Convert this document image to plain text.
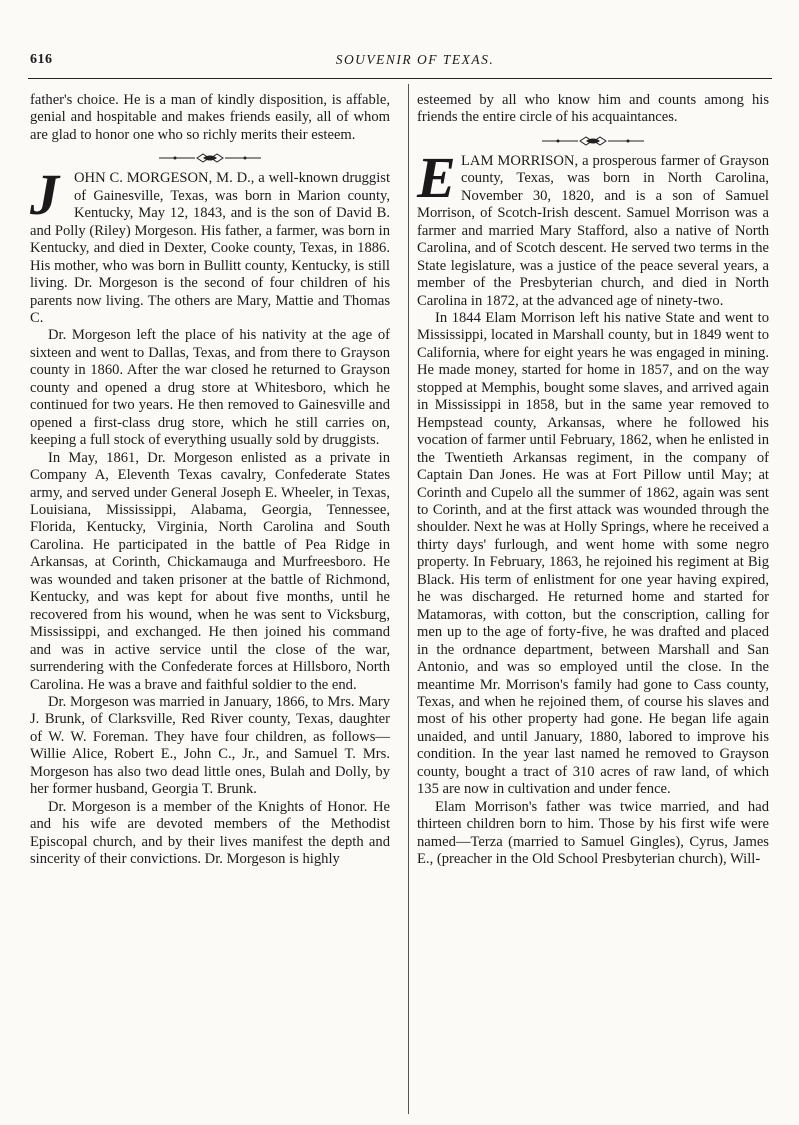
616	SOUVENIR OF TEXAS.

father's choice. He is a man of kindly disposition, is affable, genial and hospitable and makes friends easily, all of whom are glad to honor one who so richly merits their esteem.

J OHN C. MORGESON, M. D., a well-known druggist of Gainesville, Texas, was born in Marion county, Kentucky, May 12, 1843, and is the son of David B. and Polly (Riley) Morgeson. His father, a farmer, was born in Kentucky, and died in Dexter, Cooke county, Texas, in 1886. His mother, who was born in Bullitt county, Kentucky, is still living. Dr. Morgeson is the second of four children of his parents now living. The others are Mary, Mattie and Thomas C.

Dr. Morgeson left the place of his nativity at the age of sixteen and went to Dallas, Texas, and from there to Grayson county in 1860. After the war closed he returned to Grayson county and opened a drug store at Whitesboro, which he continued for two years. He then removed to Gainesville and opened a first-class drug store, which he still carries on, keeping a full stock of everything usually sold by druggists.

In May, 1861, Dr. Morgeson enlisted as a private in Company A, Eleventh Texas cavalry, Confederate States army, and served under General Joseph E. Wheeler, in Texas, Louisiana, Mississippi, Alabama, Georgia, Tennessee, Florida, Kentucky, Virginia, North Carolina and South Carolina. He participated in the battle of Pea Ridge in Arkansas, at Corinth, Chickamauga and Murfreesboro. He was wounded and taken prisoner at the battle of Richmond, Kentucky, and was kept for about five months, until he recovered from his wound, when he was sent to Vicksburg, Mississippi, and exchanged. He then joined his command and was in active service until the close of the war, surrendering with the Confederate forces at Hillsboro, North Carolina. He was a brave and faithful soldier to the end.

Dr. Morgeson was married in January, 1866, to Mrs. Mary J. Brunk, of Clarksville, Red River county, Texas, daughter of W. W. Foreman. They have four children, as follows—Willie Alice, Robert E., John C., Jr., and Samuel T. Mrs. Morgeson has also two dead little ones, Bulah and Dolly, by her former husband, Georgia T. Brunk.

Dr. Morgeson is a member of the Knights of Honor. He and his wife are devoted members of the Methodist Episcopal church, and by their lives manifest the depth and sincerity of their convictions. Dr. Morgeson is highly

esteemed by all who know him and counts among his friends the entire circle of his acquaintances.

E LAM MORRISON, a prosperous farmer of Grayson county, Texas, was born in North Carolina, November 30, 1820, and is a son of Samuel Morrison, of Scotch-Irish descent. Samuel Morrison was a farmer and married Mary Stafford, also a native of North Carolina, and of Scotch descent. He served two terms in the State legislature, was a justice of the peace several years, a member of the Presbyterian church, and died in North Carolina in 1872, at the advanced age of ninety-two.

In 1844 Elam Morrison left his native State and went to Mississippi, located in Marshall county, but in 1849 went to California, where for eight years he was engaged in mining. He made money, started for home in 1857, and on the way stopped at Memphis, bought some slaves, and arrived again in Mississippi in 1858, but in the same year removed to Hempstead county, Arkansas, where he followed his vocation of farmer until February, 1862, when he enlisted in the Twentieth Arkansas regiment, in the company of Captain Dan Jones. He was at Fort Pillow until May; at Corinth and Cupelo all the summer of 1862, again was sent to Corinth, and at the first attack was wounded through the shoulder. Next he was at Holly Springs, where he received a thirty days' furlough, and went home with some negro property. In February, 1863, he rejoined his regiment at Big Black. His term of enlistment for one year having expired, he was discharged. He returned home and started for Matamoras, with cotton, but the conscription, calling for men up to the age of forty-five, he was drafted and placed in the ordnance department, between Marshall and San Antonio, and was so employed until the close. In the meantime Mr. Morrison's family had gone to Cass county, Texas, and when he rejoined them, of course his slaves and most of his other property had gone. He began life again unaided, and until January, 1880, labored to improve his condition. In the year last named he removed to Grayson county, bought a tract of 310 acres of raw land, of which 135 are now in cultivation and under fence.

Elam Morrison's father was twice married, and had thirteen children born to him. Those by his first wife were named—Terza (married to Samuel Gingles), Cyrus, James E., (preacher in the Old School Presbyterian church), Will-
